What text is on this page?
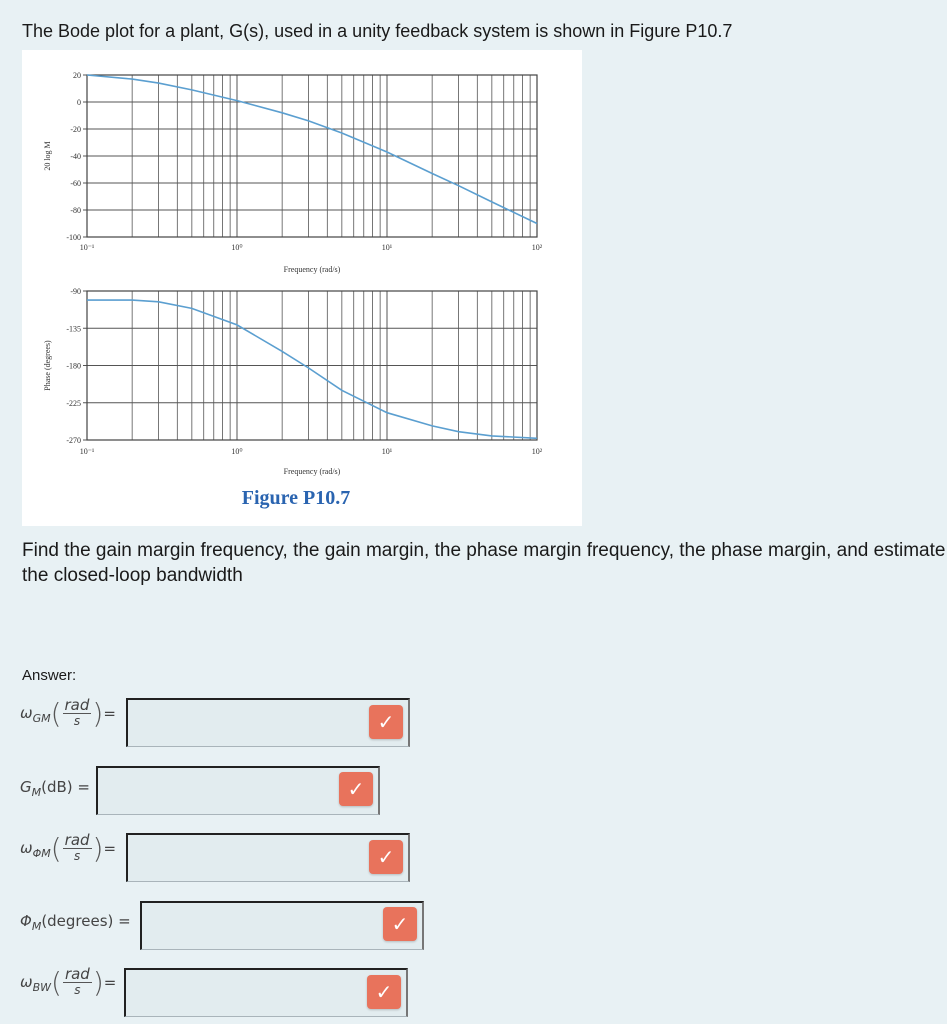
The Bode plot for a plant, G(s), used in a unity feedback system is shown in Figure P10.7
20
0
-20
-40
-60
-80
-100
10⁻¹	10⁰	10¹	10²
Frequency (rad/s)
20 log M
-90
-135
-180
-225
-270
10⁻¹	10⁰	10¹	10²
Frequency (rad/s)
Phase (degrees)
Figure P10.7
Find the gain margin frequency, the gain margin, the phase margin frequency, the phase margin, and estimate the closed-loop bandwidth
Answer:
$\omega_{GM}( \frac{\text{rad}}{s}$ )=	✓
$G_M(dB)$ =	✓
$\omega_{\Phi M}( \frac{\text{rad}}{s}$ )=	✓
$\Phi_M(degrees)$ =	✓
$\omega_{BW}( \frac{\text{rad}}{s}$ )=	✓
